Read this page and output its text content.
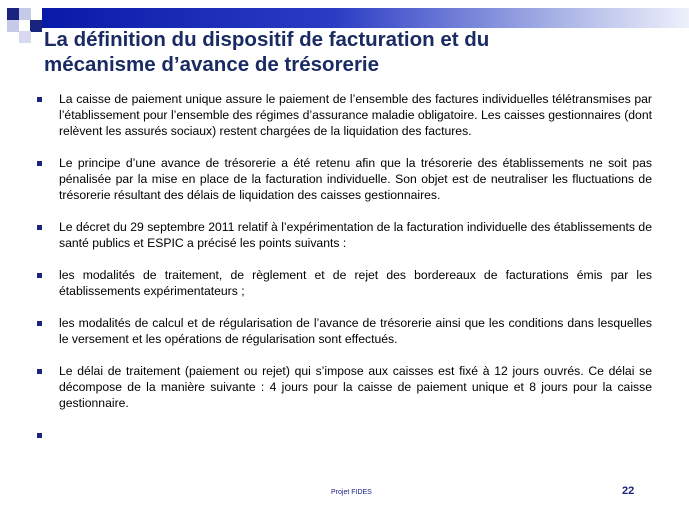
La définition du dispositif de facturation et du
mécanisme d’avance de trésorerie
La caisse de paiement unique assure le paiement de l’ensemble des factures individuelles télétransmises par l’établissement pour l’ensemble des régimes d’assurance maladie obligatoire. Les caisses gestionnaires (dont relèvent les assurés sociaux) restent chargées de la liquidation des factures.
Le principe d’une avance de trésorerie a été retenu afin que la trésorerie des établissements ne soit pas pénalisée par la mise en place de la facturation individuelle. Son objet est de neutraliser les fluctuations de trésorerie résultant des délais de liquidation des caisses gestionnaires.
Le décret du 29 septembre 2011 relatif à l’expérimentation de la facturation individuelle des établissements de santé publics et ESPIC a précisé les points suivants :
les modalités de traitement, de règlement et de rejet des bordereaux de facturations émis par les établissements expérimentateurs ;
les modalités de calcul et de régularisation de l’avance de trésorerie ainsi que les conditions dans lesquelles le versement et les opérations de régularisation sont effectués.
Le délai de traitement (paiement ou rejet) qui s’impose aux caisses est fixé à 12 jours ouvrés. Ce délai se décompose de la manière suivante : 4 jours pour la caisse de paiement unique et 8 jours pour la caisse gestionnaire.
Projet FIDES	22
